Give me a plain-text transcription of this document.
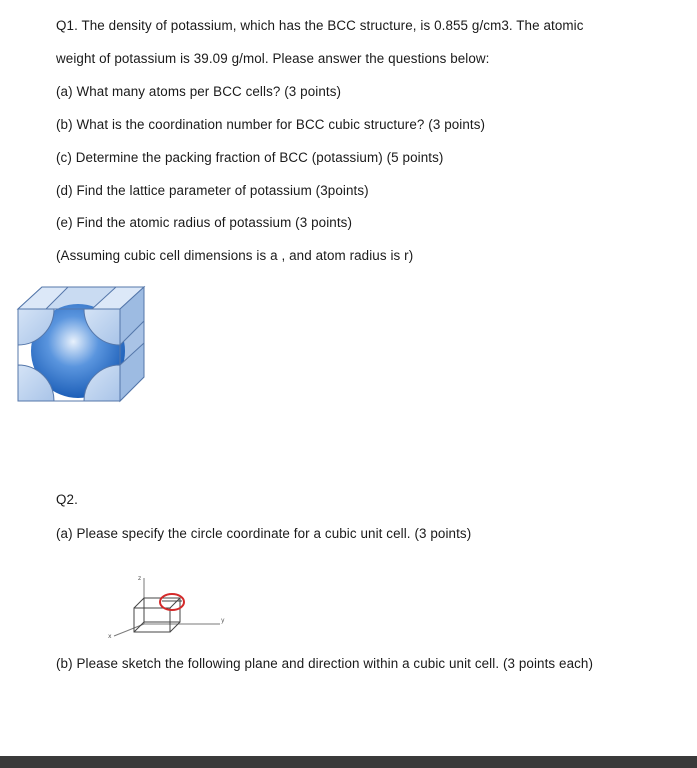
Q1. The density of potassium, which has the BCC structure, is 0.855 g/cm3. The atomic
weight of potassium is 39.09 g/mol. Please answer the questions below:
(a) What many atoms per BCC cells? (3 points)
(b) What is the coordination number for BCC cubic structure? (3 points)
(c) Determine the packing fraction of BCC (potassium) (5 points)
(d) Find the lattice parameter of potassium (3points)
(e) Find the atomic radius of potassium (3 points)
(Assuming cubic cell dimensions is a , and atom radius is r)
Q2.
(a) Please specify the circle coordinate for a cubic unit cell. (3 points)
z
y
x
(b) Please sketch the following plane and direction within a cubic unit cell. (3 points each)
